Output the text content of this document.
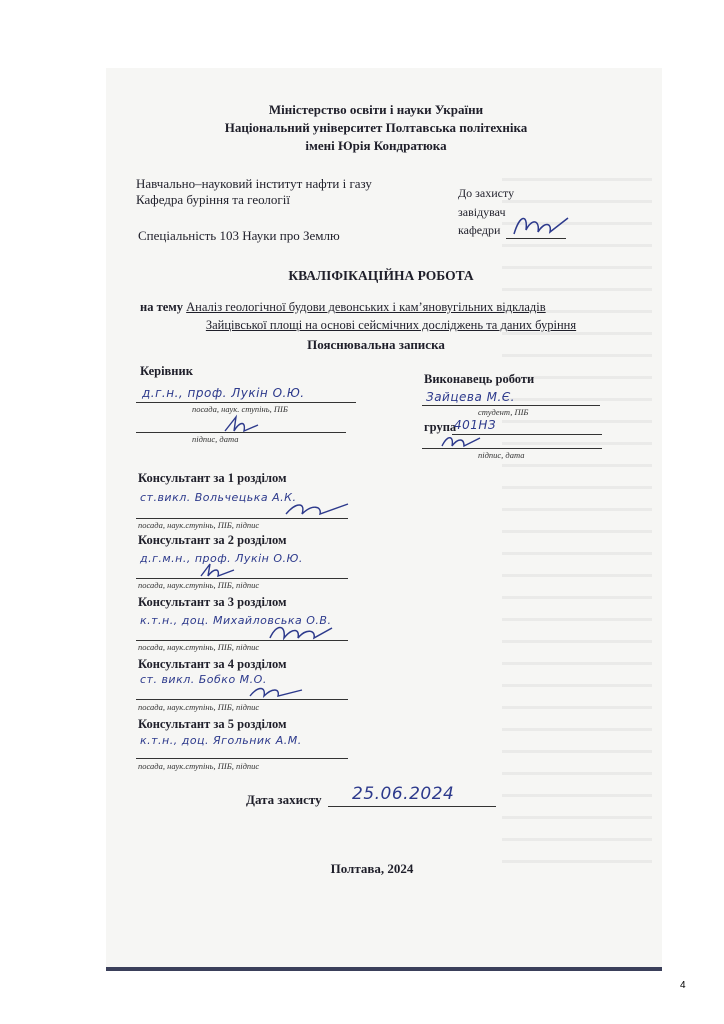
Міністерство освіти і науки України
Національний університет Полтавська політехніка
імені Юрія Кондратюка
Навчально–науковий інститут нафти і газу
Кафедра буріння та геології	До захисту
завідувач
кафедри
Спеціальність 103 Науки про Землю
КВАЛІФІКАЦІЙНА РОБОТА
на тему Аналіз геологічної будови девонських і кам’яновугільних відкладів
Зайцівської площі на основі сейсмічних досліджень та даних буріння
Пояснювальна записка
Керівник
д.г.н., проф. Лукін О.Ю.
посада, наук. ступінь, ПІБ
підпис, дата
Виконавець роботи
Зайцева М.Є.
студент, ПІБ
група
401НЗ
підпис, дата
Консультант за 1 розділом
ст.викл. Вольчецька А.К.
посада, наук.ступінь, ПІБ, підпис
Консультант за 2 розділом
д.г.м.н., проф. Лукін О.Ю.
посада, наук.ступінь, ПІБ, підпис
Консультант за 3 розділом
к.т.н., доц. Михайловська О.В.
посада, наук.ступінь, ПІБ, підпис
Консультант за 4 розділом
ст. викл. Бобко М.О.
посада, наук.ступінь, ПІБ, підпис
Консультант за 5 розділом
к.т.н., доц. Ягольник А.М.
посада, наук.ступінь, ПІБ, підпис
Дата захисту 25.06.2024
Полтава, 2024
4
